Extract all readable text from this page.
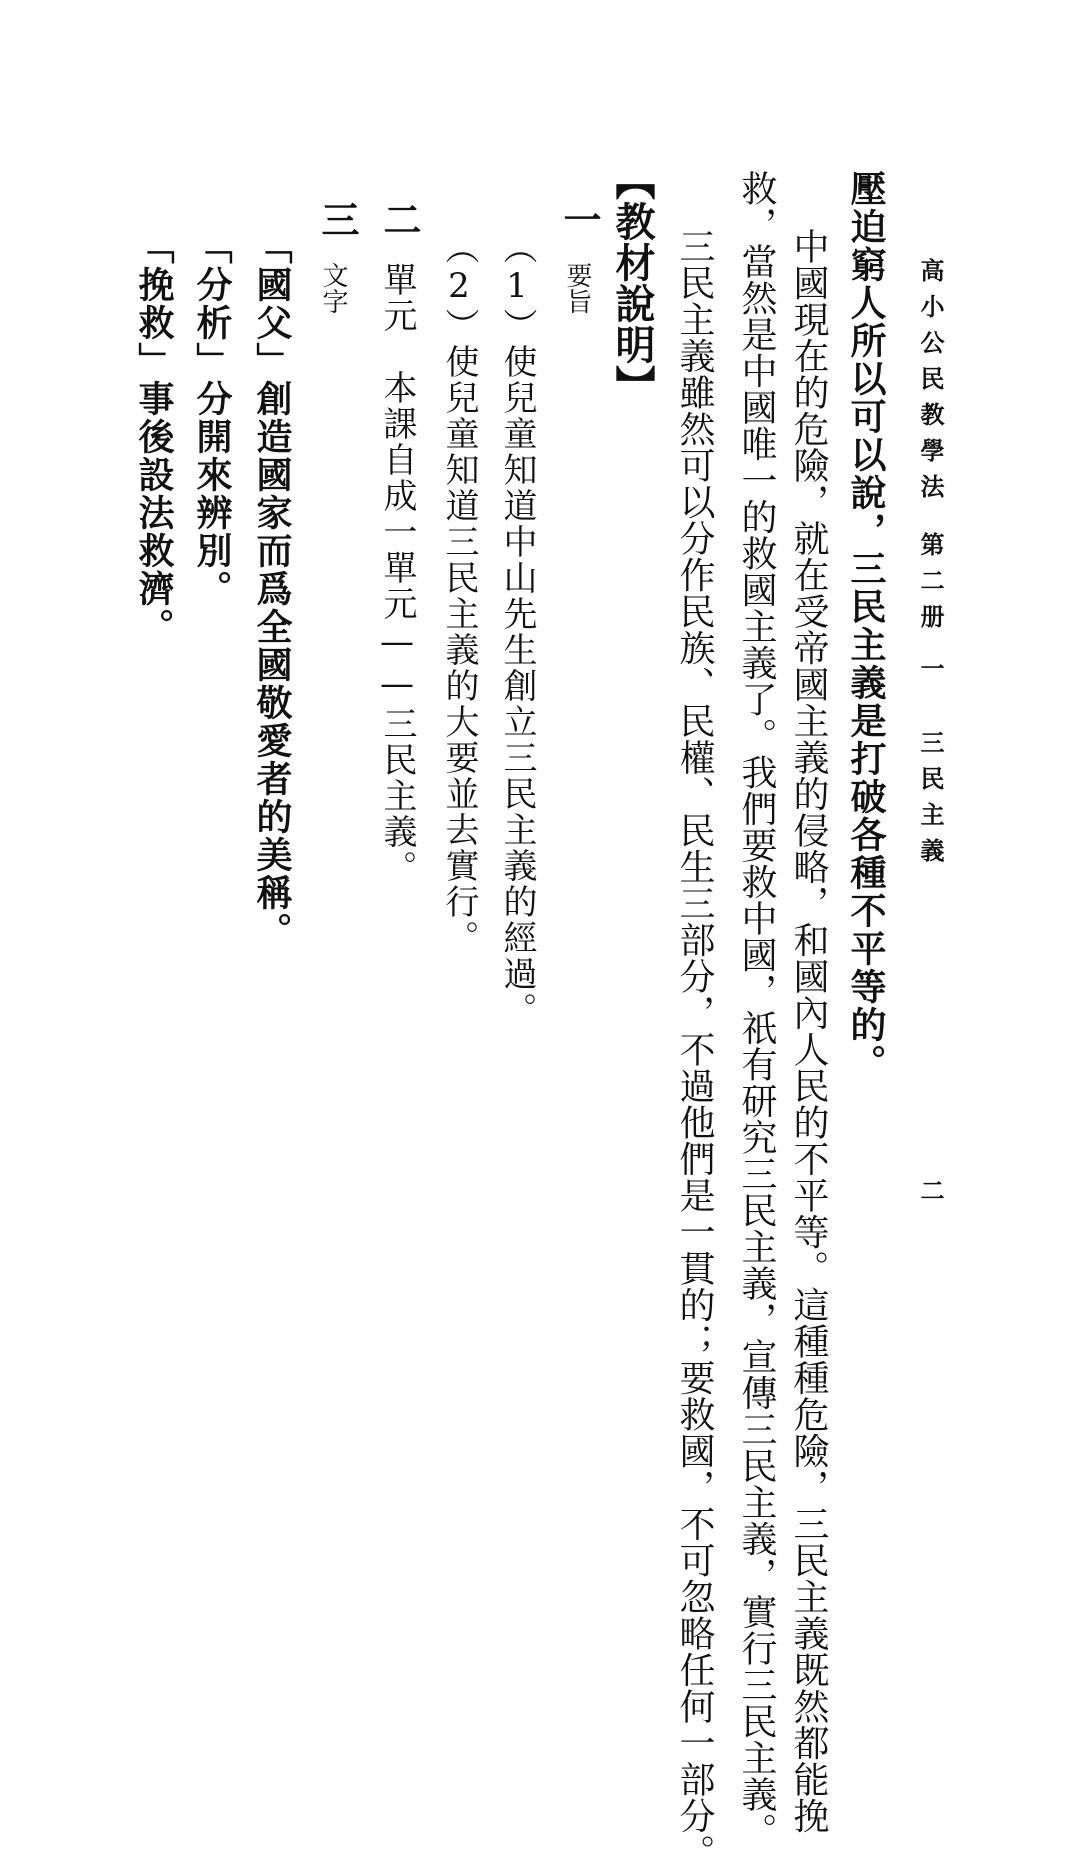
高小公民教學法
第二册
一
三民主義
二
壓迫窮人所以可以說，三民主義是打破各種不平等的。
中國現在的危險，就在受帝國主義的侵略，和國內人民的不平等。這種種危險，三民主義既然都能挽
救，當然是中國唯一的救國主義了。我們要救中國，祇有研究三民主義，宣傳三民主義，實行三民主義。
三民主義雖然可以分作民族、民權、民生三部分，不過他們是一貫的；要救國，不可忽略任何一部分。
【教材說明】
一
要旨
（1）使兒童知道中山先生創立三民主義的經過。
（2）使兒童知道三民主義的大要並去實行。
二
單元　本課自成一單元——三民主義。
三
文字
「國父」創造國家而爲全國敬愛者的美稱。
「分析」分開來辨別。
「挽救」事後設法救濟。
